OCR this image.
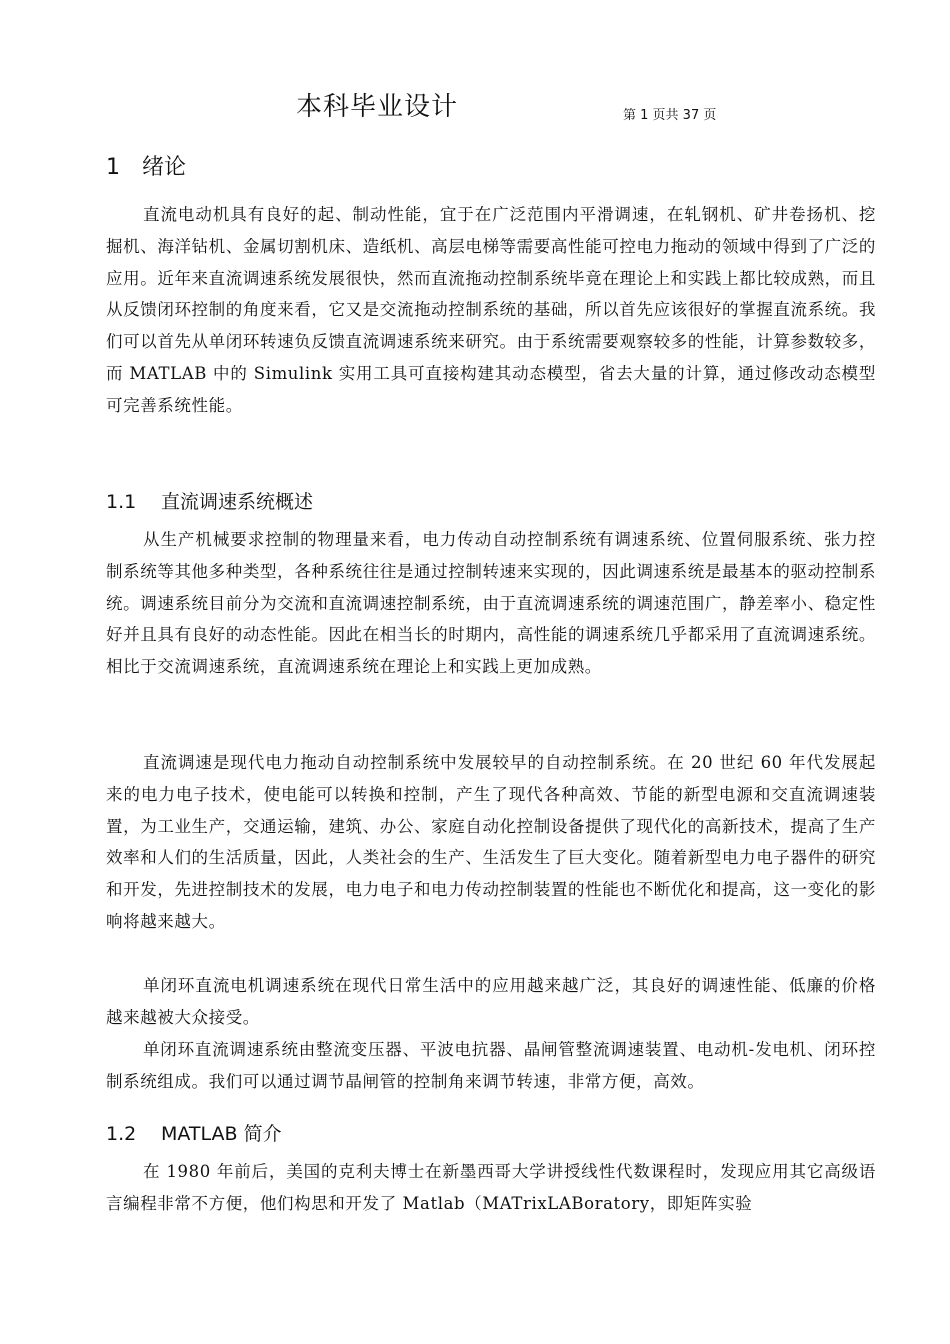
本科毕业设计	第 1 页共 37 页
1 绪论

直流电动机具有良好的起、制动性能，宜于在广泛范围内平滑调速，在轧钢机、矿井卷扬机、挖掘机、海洋钻机、金属切割机床、造纸机、高层电梯等需要高性能可控电力拖动的领域中得到了广泛的应用。近年来直流调速系统发展很快，然而直流拖动控制系统毕竟在理论上和实践上都比较成熟，而且从反馈闭环控制的角度来看，它又是交流拖动控制系统的基础，所以首先应该很好的掌握直流系统。我们可以首先从单闭环转速负反馈直流调速系统来研究。由于系统需要观察较多的性能，计算参数较多，而 MATLAB 中的 Simulink 实用工具可直接构建其动态模型，省去大量的计算，通过修改动态模型可完善系统性能。

1.1 直流调速系统概述

从生产机械要求控制的物理量来看，电力传动自动控制系统有调速系统、位置伺服系统、张力控制系统等其他多种类型，各种系统往往是通过控制转速来实现的，因此调速系统是最基本的驱动控制系统。调速系统目前分为交流和直流调速控制系统，由于直流调速系统的调速范围广，静差率小、稳定性好并且具有良好的动态性能。因此在相当长的时期内，高性能的调速系统几乎都采用了直流调速系统。相比于交流调速系统，直流调速系统在理论上和实践上更加成熟。

直流调速是现代电力拖动自动控制系统中发展较早的自动控制系统。在 20 世纪 60 年代发展起来的电力电子技术，使电能可以转换和控制，产生了现代各种高效、节能的新型电源和交直流调速装置，为工业生产，交通运输，建筑、办公、家庭自动化控制设备提供了现代化的高新技术，提高了生产效率和人们的生活质量，因此，人类社会的生产、生活发生了巨大变化。随着新型电力电子器件的研究和开发，先进控制技术的发展，电力电子和电力传动控制装置的性能也不断优化和提高，这一变化的影响将越来越大。

单闭环直流电机调速系统在现代日常生活中的应用越来越广泛，其良好的调速性能、低廉的价格越来越被大众接受。

单闭环直流调速系统由整流变压器、平波电抗器、晶闸管整流调速装置、电动机-发电机、闭环控制系统组成。我们可以通过调节晶闸管的控制角来调节转速，非常方便，高效。

1.2 MATLAB 简介

在 1980 年前后，美国的克利夫博士在新墨西哥大学讲授线性代数课程时，发现应用其它高级语言编程非常不方便，他们构思和开发了 Matlab（MATrixLABoratory，即矩阵实验
